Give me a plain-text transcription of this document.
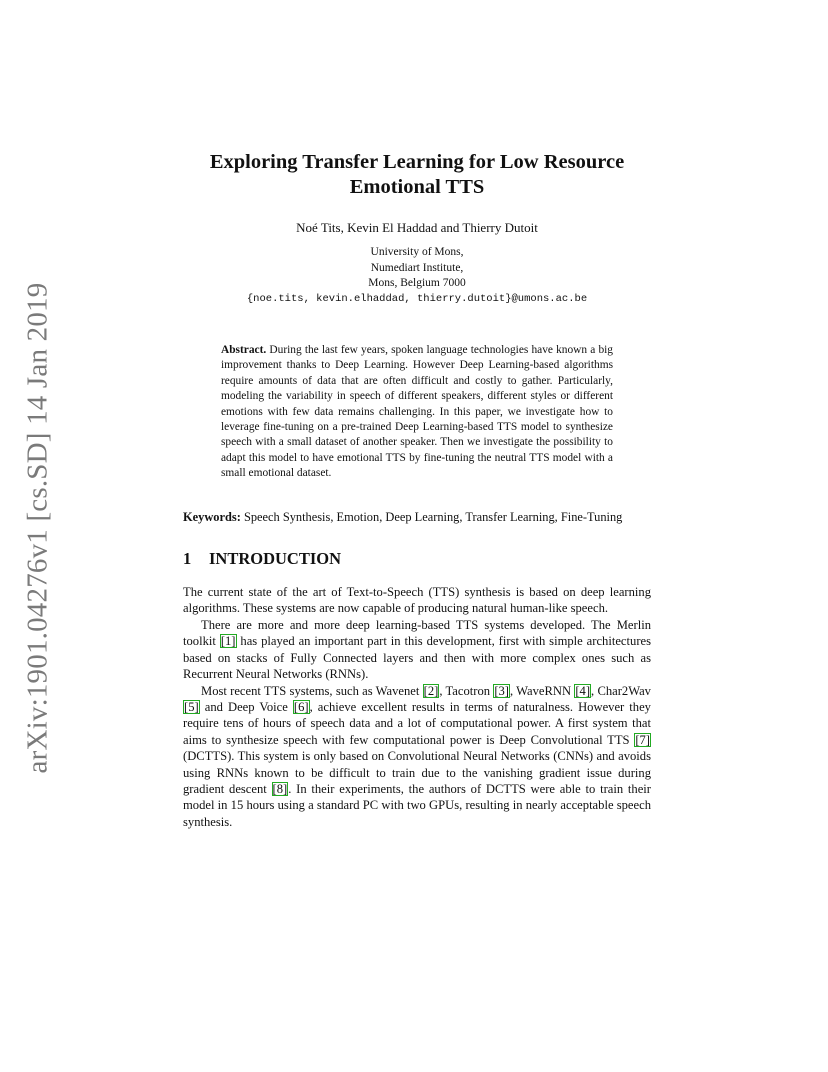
arXiv:1901.04276v1 [cs.SD] 14 Jan 2019
Exploring Transfer Learning for Low Resource
Emotional TTS
Noé Tits, Kevin El Haddad and Thierry Dutoit
University of Mons,
Numediart Institute,
Mons, Belgium 7000
{noe.tits, kevin.elhaddad, thierry.dutoit}@umons.ac.be
Abstract. During the last few years, spoken language technologies have known a big improvement thanks to Deep Learning. However Deep Learning-based algorithms require amounts of data that are often difficult and costly to gather. Particularly, modeling the variability in speech of different speakers, different styles or different emotions with few data remains challenging. In this paper, we investigate how to leverage fine-tuning on a pre-trained Deep Learning-based TTS model to synthesize speech with a small dataset of another speaker. Then we investigate the possibility to adapt this model to have emotional TTS by fine-tuning the neutral TTS model with a small emotional dataset.
Keywords: Speech Synthesis, Emotion, Deep Learning, Transfer Learning, Fine-Tuning
1 INTRODUCTION

The current state of the art of Text-to-Speech (TTS) synthesis is based on deep learning algorithms. These systems are now capable of producing natural human-like speech.

There are more and more deep learning-based TTS systems developed. The Merlin toolkit [1] has played an important part in this development, first with simple architectures based on stacks of Fully Connected layers and then with more complex ones such as Recurrent Neural Networks (RNNs).

Most recent TTS systems, such as Wavenet [2], Tacotron [3], WaveRNN [4], Char2Wav [5] and Deep Voice [6], achieve excellent results in terms of naturalness. However they require tens of hours of speech data and a lot of computational power. A first system that aims to synthesize speech with few computational power is Deep Convolutional TTS [7] (DCTTS). This system is only based on Convolutional Neural Networks (CNNs) and avoids using RNNs known to be difficult to train due to the vanishing gradient issue during gradient descent [8]. In their experiments, the authors of DCTTS were able to train their model in 15 hours using a standard PC with two GPUs, resulting in nearly acceptable speech synthesis.
